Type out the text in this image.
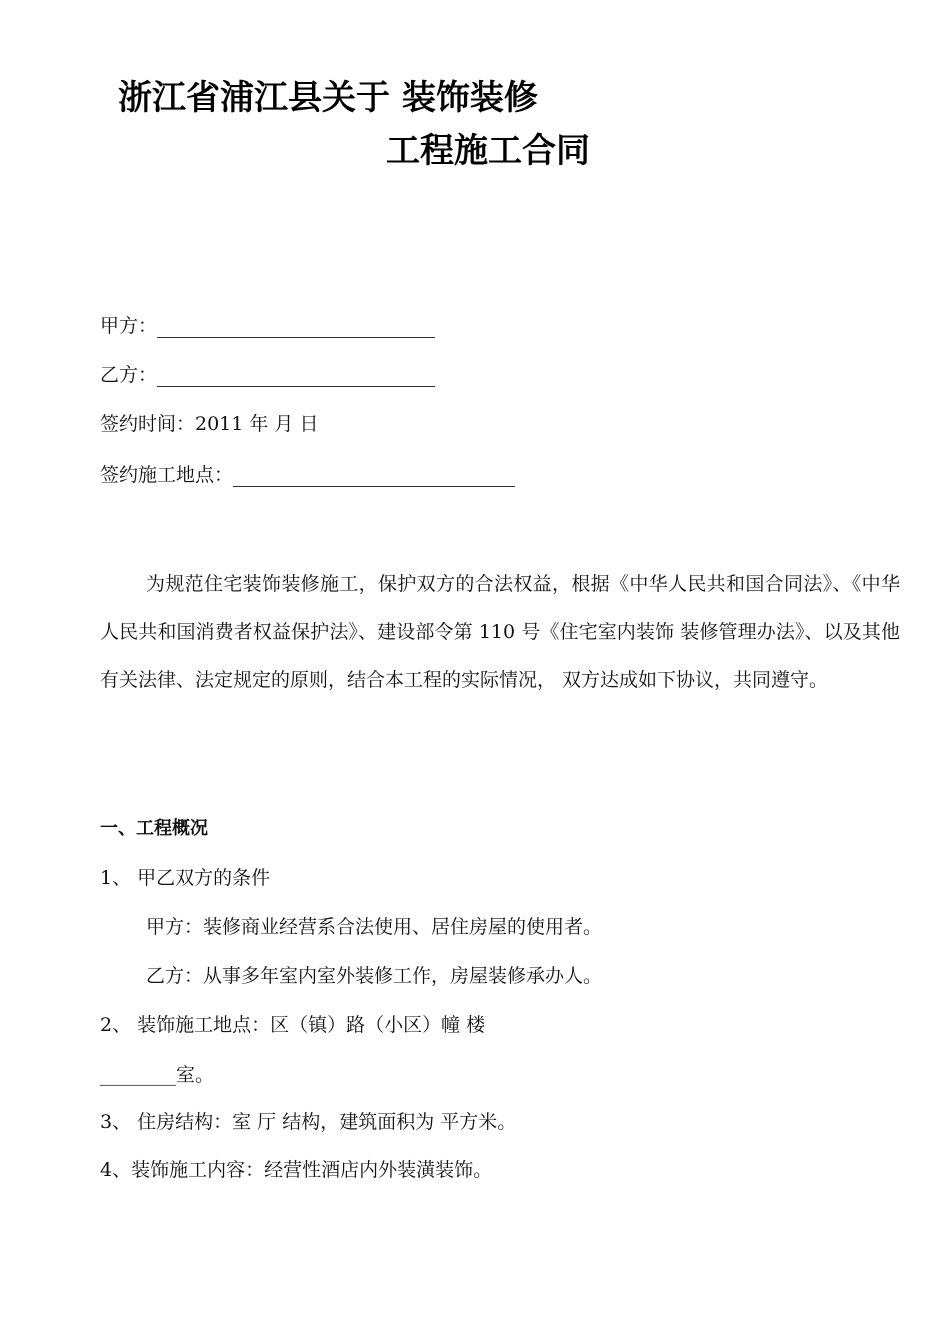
浙江省浦江县关于 装饰装修
工程施工合同
甲方：
乙方：
签约时间：2011 年 月 日
签约施工地点：
为规范住宅装饰装修施工，保护双方的合法权益，根据《中华人民共和国合同法》、《中华人民共和国消费者权益保护法》、建设部令第 110 号《住宅室内装饰 装修管理办法》、以及其他有关法律、法定规定的原则，结合本工程的实际情况， 双方达成如下协议，共同遵守。
一、工程概况
1、 甲乙双方的条件
甲方：装修商业经营系合法使用、居住房屋的使用者。
乙方：从事多年室内室外装修工作，房屋装修承办人。
2、 装饰施工地点：区（镇）路（小区）幢 楼
________室。
3、 住房结构：室 厅 结构，建筑面积为 平方米。
4、装饰施工内容：经营性酒店内外装潢装饰。
